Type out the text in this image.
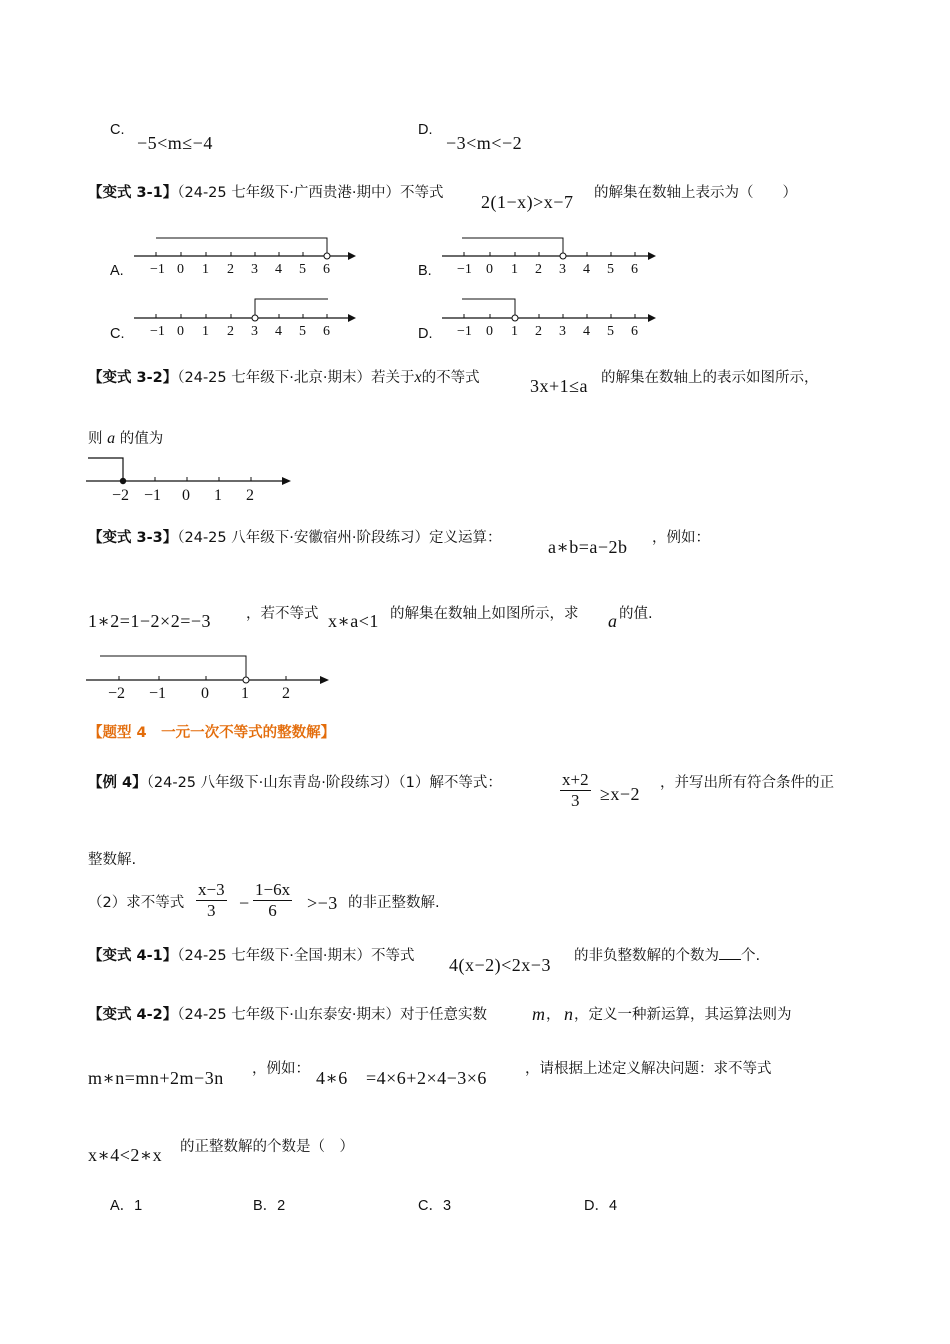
C.
−5<m≤−4
D.
−3<m<−2
【变式 3-1】（24-25 七年级下·广西贵港·期中）不等式 2(1−x)>x−7 的解集在数轴上表示为（　　）
A.	B.
C.	D.
−1 0 1 2 3 4 5 6	−1 0 1 2 3 4 5 6
−1 0 1 2 3 4 5 6	−1 0 1 2 3 4 5 6
【变式 3-2】（24-25 七年级下·北京·期末）若关于x的不等式	3x+1≤a 的解集在数轴上的表示如图所示，
则 a 的值为
−2 −1 0 1 2
【变式 3-3】（24-25 八年级下·安徽宿州·阶段练习）定义运算：	a∗b=a−2b ，例如：
1∗2=1−2×2=−3 ，若不等式 x∗a<1 的解集在数轴上如图所示，求 a 的值.
−2 −1 0 1 2
【题型 4　一元一次不等式的整数解】
【例 4】（24-25 八年级下·山东青岛·阶段练习）（1）解不等式：	$\frac{x+2}{3} \ge x-2$
，并写出所有符合条件的正
整数解.
（2）求不等式 $\frac{x-3}{3} - \frac{1-6x}{6} >-3$ 的非正整数解.
【变式 4-1】（24-25 七年级下·全国·期末）不等式 4(x−2)<2x−3 的非负整数解的个数为 个.
【变式 4-2】（24-25 七年级下·山东泰安·期末）对于任意实数	m ， n ，定义一种新运算，其运算法则为
m∗n=mn+2m−3n ，例如： 4∗6 =4×6+2×4−3×6	，请根据上述定义解决问题：求不等式
x∗4<2∗x 的正整数解的个数是（　）
A．1	B．2	C．3	D．4
